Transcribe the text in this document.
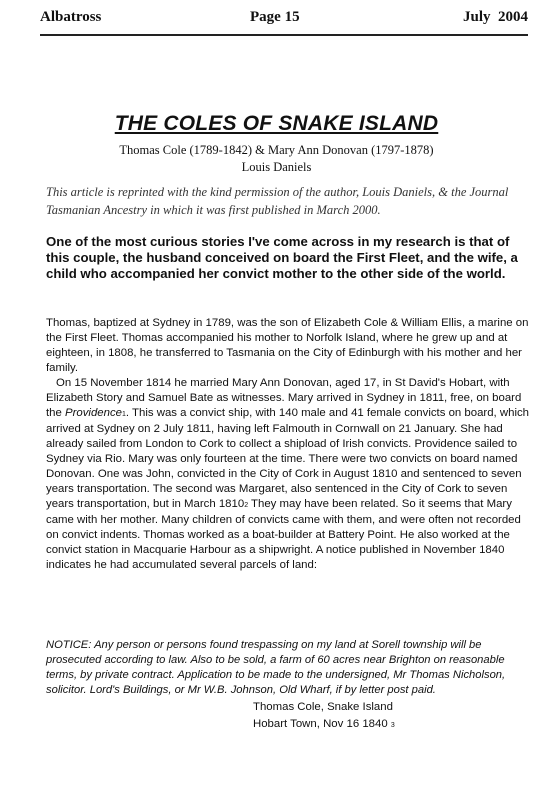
Albatross	Page 15	July  2004
THE COLES OF SNAKE ISLAND
Thomas Cole (1789-1842) & Mary Ann Donovan (1797-1878)
Louis Daniels
This article is reprinted with the kind permission of the author, Louis Daniels, & the Journal Tasmanian Ancestry in which it was first published in March 2000.
One of the most curious stories I've come across in my research is that of this couple, the husband conceived on board the First Fleet, and the wife, a child who accompanied her convict mother to the other side of the world.
Thomas, baptized at Sydney in 1789, was the son of Elizabeth Cole & William Ellis, a marine on the First Fleet. Thomas accompanied his mother to Norfolk Island, where he grew up and at eighteen, in 1808, he transferred to Tasmania on the City of Edinburgh with his mother and her family.
On 15 November 1814 he married Mary Ann Donovan, aged 17, in St David's Hobart, with Elizabeth Story and Samuel Bate as witnesses. Mary arrived in Sydney in 1811, free, on board the Providence1. This was a convict ship, with 140 male and 41 female convicts on board, which arrived at Sydney on 2 July 1811, having left Falmouth in Cornwall on 21 January. She had already sailed from London to Cork to collect a shipload of Irish convicts. Providence sailed to Sydney via Rio. Mary was only fourteen at the time. There were two convicts on board named Donovan. One was John, convicted in the City of Cork in August 1810 and sentenced to seven years transportation. The second was Margaret, also sentenced in the City of Cork to seven years transportation, but in March 18102 They may have been related. So it seems that Mary came with her mother. Many children of convicts came with them, and were often not recorded on convict indents. Thomas worked as a boat-builder at Battery Point. He also worked at the convict station in Macquarie Harbour as a shipwright. A notice published in November 1840 indicates he had accumulated several parcels of land:
NOTICE: Any person or persons found trespassing on my land at Sorell township will be prosecuted according to law. Also to be sold, a farm of 60 acres near Brighton on reasonable terms, by private contract. Application to be made to the undersigned, Mr Thomas Nicholson, solicitor. Lord's Buildings, or Mr W.B. Johnson, Old Wharf, if by letter post paid.
Thomas Cole, Snake Island
Hobart Town, Nov 16 1840 3
